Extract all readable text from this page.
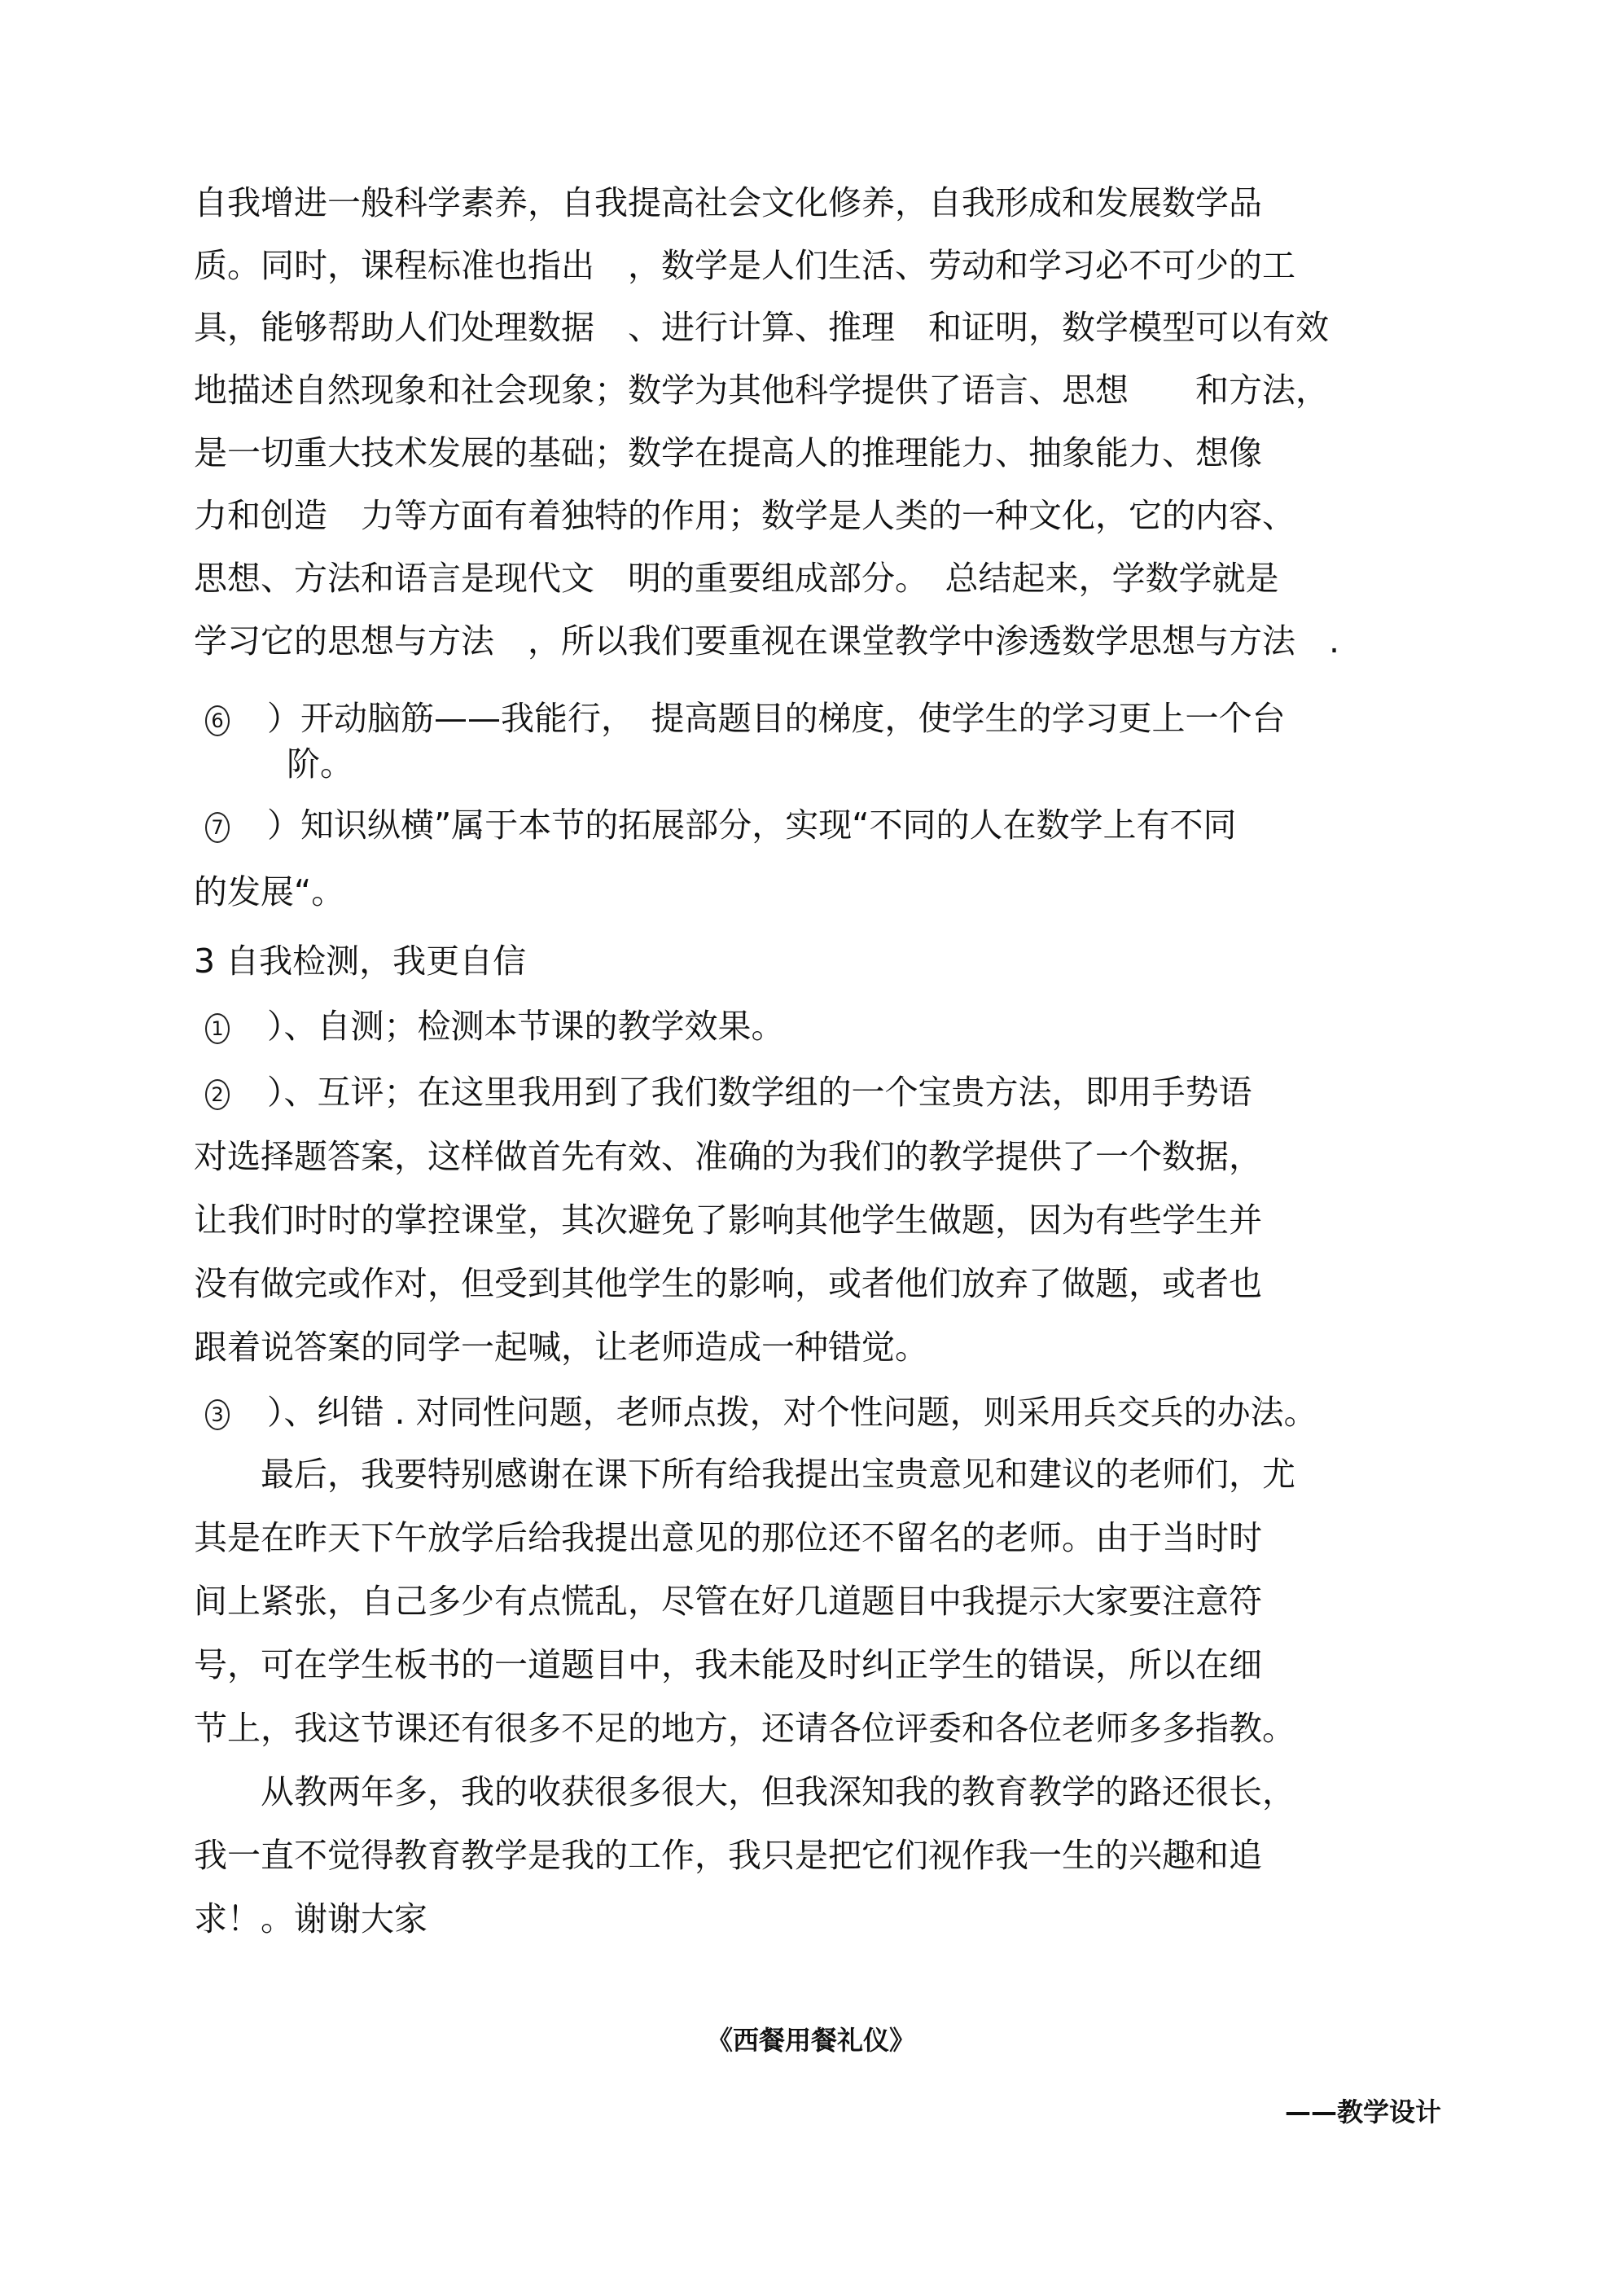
自我增进一般科学素养，自我提高社会文化修养，自我形成和发展数学品

质。同时，课程标准也指出　，数学是人们生活、劳动和学习必不可少的工

具，能够帮助人们处理数据　、进行计算、推理　和证明，数学模型可以有效

地描述自然现象和社会现象；数学为其他科学提供了语言、思想　　和方法，

是一切重大技术发展的基础；数学在提高人的推理能力、抽象能力、想像

力和创造　力等方面有着独特的作用；数学是人类的一种文化，它的内容、

思想、方法和语言是现代文　明的重要组成部分。　总结起来，学数学就是

学习它的思想与方法　，所以我们要重视在课堂教学中渗透数学思想与方法　.

6 ）开动脑筋——我能行，　提高题目的梯度，使学生的学习更上一个台

阶。

7 ）知识纵横”属于本节的拓展部分，实现“不同的人在数学上有不同

的发展“。

3 自我检测，我更自信

1 ）、自测；检测本节课的教学效果。

2 ）、互评；在这里我用到了我们数学组的一个宝贵方法，即用手势语

对选择题答案，这样做首先有效、准确的为我们的教学提供了一个数据，

让我们时时的掌控课堂，其次避免了影响其他学生做题，因为有些学生并

没有做完或作对，但受到其他学生的影响，或者他们放弃了做题，或者也

跟着说答案的同学一起喊，让老师造成一种错觉。

3 ）、纠错 . 对同性问题，老师点拨，对个性问题，则采用兵交兵的办法。

　　最后，我要特别感谢在课下所有给我提出宝贵意见和建议的老师们，尤

其是在昨天下午放学后给我提出意见的那位还不留名的老师。由于当时时

间上紧张，自己多少有点慌乱，尽管在好几道题目中我提示大家要注意符

号，可在学生板书的一道题目中，我未能及时纠正学生的错误，所以在细

节上，我这节课还有很多不足的地方，还请各位评委和各位老师多多指教。

　　从教两年多，我的收获很多很大，但我深知我的教育教学的路还很长，

我一直不觉得教育教学是我的工作，我只是把它们视作我一生的兴趣和追

求！。谢谢大家

《西餐用餐礼仪》

——教学设计
